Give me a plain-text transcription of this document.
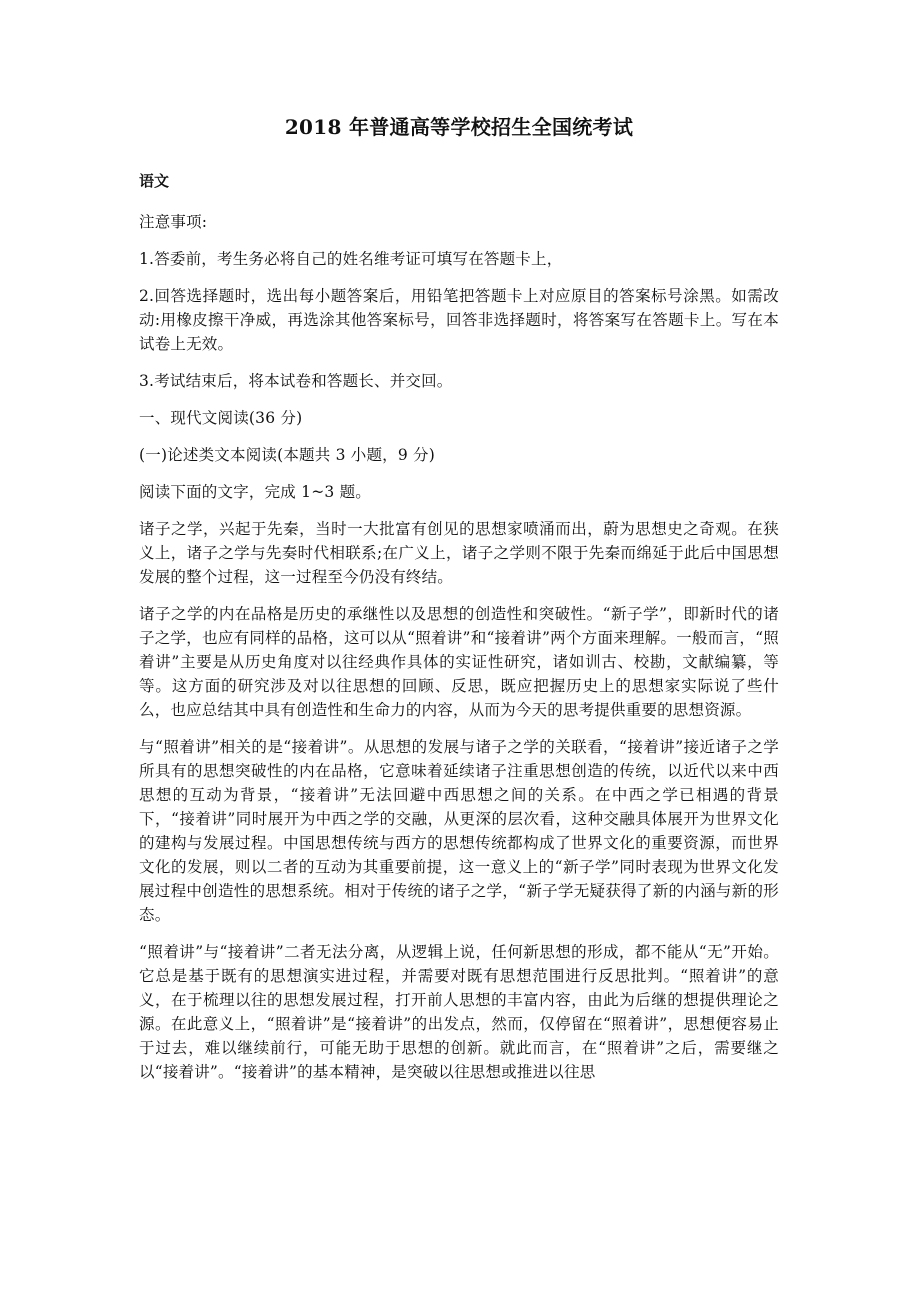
2018 年普通高等学校招生全国统考试
语文
注意事项:
1.答委前，考生务必将自己的姓名维考证可填写在答题卡上，
2.回答选择题时，选出每小题答案后，用铅笔把答题卡上对应原目的答案标号涂黑。如需改动:用橡皮擦干净威，再选涂其他答案标号，回答非选择题时，将答案写在答题卡上。写在本试卷上无效。
3.考试结束后，将本试卷和答题长、并交回。
一、现代文阅读(36 分)
(一)论述类文本阅读(本题共 3 小题，9 分)
阅读下面的文字，完成 1~3 题。
诸子之学，兴起于先秦，当时一大批富有创见的思想家喷涌而出，蔚为思想史之奇观。在狭义上，诸子之学与先奏时代相联系;在广义上，诸子之学则不限于先秦而绵延于此后中国思想发展的整个过程，这一过程至今仍没有终结。
诸子之学的内在品格是历史的承继性以及思想的创造性和突破性。“新子学”，即新时代的诸子之学，也应有同样的品格，这可以从“照着讲”和“接着讲”两个方面来理解。一般而言，“照着讲”主要是从历史角度对以往经典作具体的实证性研究，诸如训古、校勘，文献编纂，等等。这方面的研究涉及对以往思想的回顾、反思，既应把握历史上的思想家实际说了些什么，也应总结其中具有创造性和生命力的内容，从而为今天的思考提供重要的思想资源。
与“照着讲”相关的是“接着讲”。从思想的发展与诸子之学的关联看，“接着讲”接近诸子之学所具有的思想突破性的内在品格，它意味着延续诸子注重思想创造的传统，以近代以来中西思想的互动为背景，“接着讲”无法回避中西思想之间的关系。在中西之学已相遇的背景下，“接着讲”同时展开为中西之学的交融，从更深的层次看，这种交融具体展开为世界文化的建构与发展过程。中国思想传统与西方的思想传统都构成了世界文化的重要资源，而世界文化的发展，则以二者的互动为其重要前提，这一意义上的“新子学”同时表现为世界文化发展过程中创造性的思想系统。相对于传统的诸子之学，“新子学无疑获得了新的内涵与新的形态。
“照着讲”与“接着讲”二者无法分离，从逻辑上说，任何新思想的形成，都不能从“无”开始。它总是基于既有的思想演实进过程，并需要对既有思想范围进行反思批判。“照着讲”的意义，在于梳理以往的思想发展过程，打开前人思想的丰富内容，由此为后继的想提供理论之源。在此意义上，“照着讲”是“接着讲”的出发点，然而，仅停留在“照着讲”，思想便容易止于过去，难以继续前行，可能无助于思想的创新。就此而言，在“照着讲”之后，需要继之以“接着讲”。“接着讲”的基本精神，是突破以往思想或推进以往思
